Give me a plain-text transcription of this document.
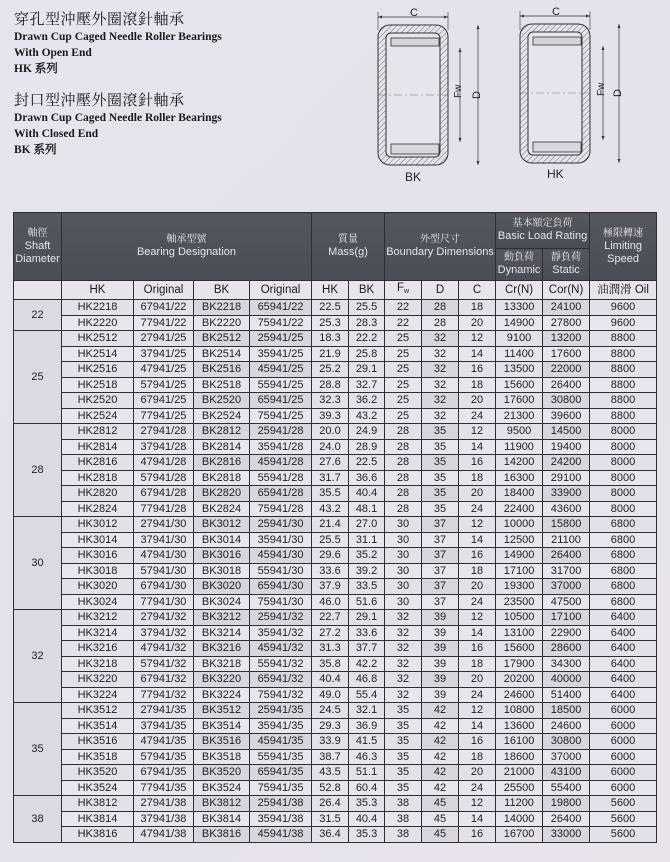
穿孔型沖壓外圈滾針軸承
Drawn Cup Caged Needle Roller Bearings
With Open End
HK 系列
封口型沖壓外圈滾針軸承
Drawn Cup Caged Needle Roller Bearings
With Closed End
BK 系列
C
Fw D
BK
C
Fw D
HK
軸徑
Shaft
Diameter	軸承型號
Bearing Designation				質量
Mass(g)		外型尺寸
Boundary Dimensions			基本額定負荷
Basic Load Rating		極限轉速
Limiting
Speed

										動負荷
Dynamic	靜負荷
Static	

	HK	Original	BK	Original	HK	BK	Fw	D	C	Cr(N)	Cor(N)	油潤滑 Oil
22	HK2218	67941/22	BK2218	65941/22	22.5	25.5	22	28	18	13300	24100	9600
	HK2220	77941/22	BK2220	75941/22	25.3	28.3	22	28	20	14900	27800	9600
25	HK2512	27941/25	BK2512	25941/25	18.3	22.2	25	32	12	9100	13200	8800
	HK2514	37941/25	BK2514	35941/25	21.9	25.8	25	32	14	11400	17600	8800
	HK2516	47941/25	BK2516	45941/25	25.2	29.1	25	32	16	13500	22000	8800
	HK2518	57941/25	BK2518	55941/25	28.8	32.7	25	32	18	15600	26400	8800
	HK2520	67941/25	BK2520	65941/25	32.3	36.2	25	32	20	17600	30800	8800
	HK2524	77941/25	BK2524	75941/25	39.3	43.2	25	32	24	21300	39600	8800
28	HK2812	27941/28	BK2812	25941/28	20.0	24.9	28	35	12	9500	14500	8000
	HK2814	37941/28	BK2814	35941/28	24.0	28.9	28	35	14	11900	19400	8000
	HK2816	47941/28	BK2816	45941/28	27.6	22.5	28	35	16	14200	24200	8000
	HK2818	57941/28	BK2818	55941/28	31.7	36.6	28	35	18	16300	29100	8000
	HK2820	67941/28	BK2820	65941/28	35.5	40.4	28	35	20	18400	33900	8000
	HK2824	77941/28	BK2824	75941/28	43.2	48.1	28	35	24	22400	43600	8000
30	HK3012	27941/30	BK3012	25941/30	21.4	27.0	30	37	12	10000	15800	6800
	HK3014	37941/30	BK3014	35941/30	25.5	31.1	30	37	14	12500	21100	6800
	HK3016	47941/30	BK3016	45941/30	29.6	35.2	30	37	16	14900	26400	6800
	HK3018	57941/30	BK3018	55941/30	33.6	39.2	30	37	18	17100	31700	6800
	HK3020	67941/30	BK3020	65941/30	37.9	33.5	30	37	20	19300	37000	6800
	HK3024	77941/30	BK3024	75941/30	46.0	51.6	30	37	24	23500	47500	6800
32	HK3212	27941/32	BK3212	25941/32	22.7	29.1	32	39	12	10500	17100	6400
	HK3214	37941/32	BK3214	35941/32	27.2	33.6	32	39	14	13100	22900	6400
	HK3216	47941/32	BK3216	45941/32	31.3	37.7	32	39	16	15600	28600	6400
	HK3218	57941/32	BK3218	55941/32	35.8	42.2	32	39	18	17900	34300	6400
	HK3220	67941/32	BK3220	65941/32	40.4	46.8	32	39	20	20200	40000	6400
	HK3224	77941/32	BK3224	75941/32	49.0	55.4	32	39	24	24600	51400	6400
35	HK3512	27941/35	BK3512	25941/35	24.5	32.1	35	42	12	10800	18500	6000
	HK3514	37941/35	BK3514	35941/35	29.3	36.9	35	42	14	13600	24600	6000
	HK3516	47941/35	BK3516	45941/35	33.9	41.5	35	42	16	16100	30800	6000
	HK3518	57941/35	BK3518	55941/35	38.7	46.3	35	42	18	18600	37000	6000
	HK3520	67941/35	BK3520	65941/35	43.5	51.1	35	42	20	21000	43100	6000
	HK3524	77941/35	BK3524	75941/35	52.8	60.4	35	42	24	25500	55400	6000
38	HK3812	27941/38	BK3812	25941/38	26.4	35.3	38	45	12	11200	19800	5600
	HK3814	37941/38	BK3814	35941/38	31.5	40.4	38	45	14	14000	26400	5600
	HK3816	47941/38	BK3816	45941/38	36.4	35.3	38	45	16	16700	33000	5600
